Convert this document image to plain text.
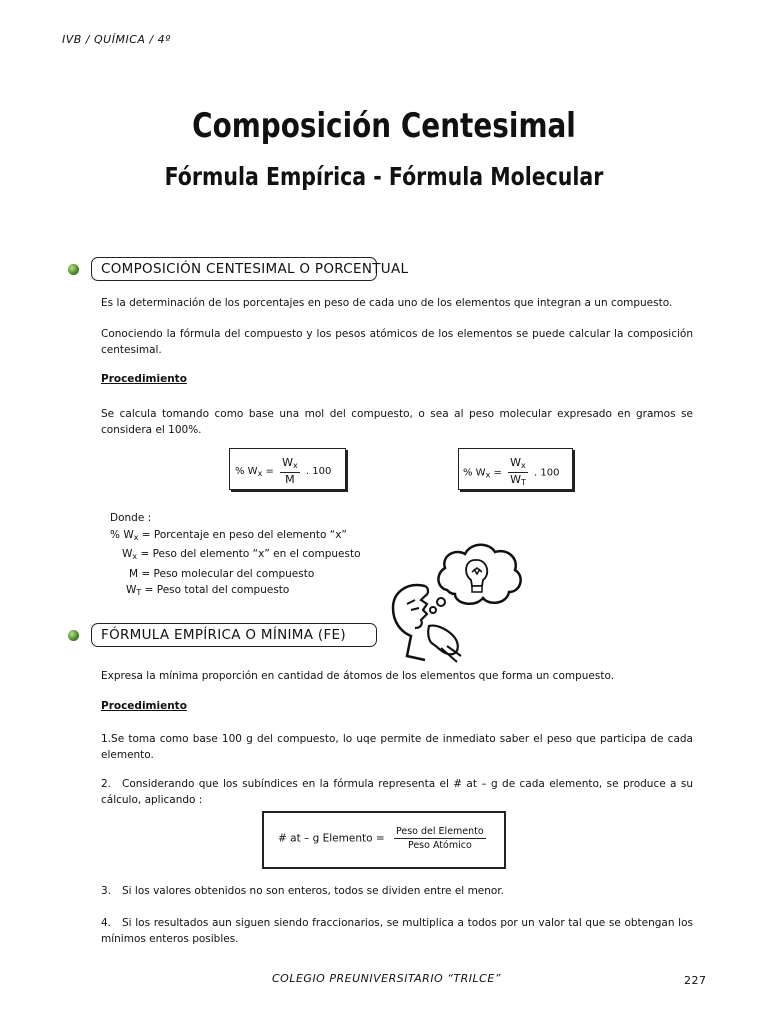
IVB / QUÍMICA / 4º
Composición Centesimal
Fórmula Empírica - Fórmula Molecular
COMPOSICIÓN CENTESIMAL O PORCENTUAL
Es la determinación de los porcentajes en peso de cada uno de los elementos que integran a un compuesto.
Conociendo la fórmula del compuesto y los pesos atómicos de los elementos se puede calcular la composición centesimal.
Procedimiento
Se calcula tomando como base una mol del compuesto, o sea al peso molecular expresado en gramos se considera el 100%.
% $W_x = \frac{W_x}{M}$ . 100	% $W_x = \frac{W_x}{W_T}$ . 100
Donde :
% $W_x$ = Porcentaje en peso del elemento “x”
$W_x$ = Peso del elemento “x” en el compuesto
M = Peso molecular del compuesto
$W_T$ = Peso total del compuesto
FÓRMULA EMPÍRICA O MÍNIMA (FE)
Expresa la mínima proporción en cantidad de átomos de los elementos que forma un compuesto.
Procedimiento
1.Se toma como base 100 g del compuesto, lo uqe permite de inmediato saber el peso que participa de cada elemento.
2. Considerando que los subíndices en la fórmula representa el # at – g de cada elemento, se produce a su cálculo, aplicando :
# at – g Elemento = $\frac{\text{Peso del Elemento}}{\text{Peso Atómico}}$
3. Si los valores obtenidos no son enteros, todos se dividen entre el menor.
4. Si los resultados aun siguen siendo fraccionarios, se multiplica a todos por un valor tal que se obtengan los mínimos enteros posibles.
COLEGIO PREUNIVERSITARIO “TRILCE”	227
